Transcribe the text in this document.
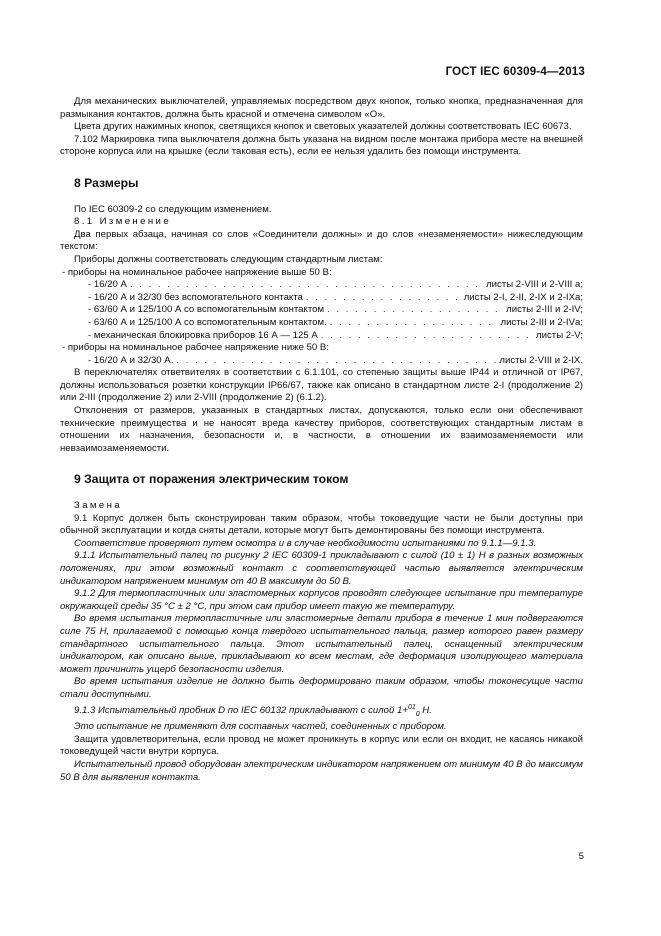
ГОСТ IEC 60309-4—2013

Для механических выключателей, управляемых посредством двух кнопок, только кнопка, предназначенная для размыкания контактов, должна быть красной и отмечена символом «О».

Цвета других нажимных кнопок, светящихся кнопок и световых указателей должны соответствовать IEC 60673.

7.102 Маркировка типа выключателя должна быть указана на видном после монтажа прибора месте на внешней стороне корпуса или на крышке (если таковая есть), если ее нельзя удалить без помощи инструмента.

8 Размеры

По IEC 60309-2 со следующим изменением.

8.1 Изменение

Два первых абзаца, начиная со слов «Соединители должны» и до слов «незаменяемости» нижеследующим текстом:

Приборы должны соответствовать следующим стандартным листам:

- приборы на номинальное рабочее напряжение выше 50 В:
- 16/20 А . . .	листы 2-VIII и 2-VIII а;
- 16/20 А и 32/30 без вспомогательного контакта . . .	листы 2-I, 2-II, 2-IX и 2-IXа;
- 63/60 А и 125/100 А со вспомогательным контактом . . .	листы 2-III и 2-IV;
- 63/60 А и 125/100 А со вспомогательным контактом. . . .	листы 2-III и 2-IVа;
- механическая блокировка приборов 16 А — 125 А . . .	листы 2-V;
- приборы на номинальное рабочее напряжение ниже 50 В:
- 16/20 А и 32/30 А. . . .	листы 2-VIII и 2-IX.

В переключателях ответвителях в соответствии с 6.1.101, со степенью защиты выше IP44 и отличной от IP67, должны использоваться розетки конструкции IP66/67, также как описано в стандартном листе 2-I (продолжение 2) или 2-III (продолжение 2) или 2-VIII (продолжение 2) (6.1.2).

Отклонения от размеров, указанных в стандартных листах, допускаются, только если они обеспечивают технические преимущества и не наносят вреда качеству приборов, соответствующих стандартным листам в отношении их назначения, безопасности и, в частности, в отношении их взаимозаменяемости или невзаимозаменяемости.

9 Защита от поражения электрическим током

Замена

9.1 Корпус должен быть сконструирован таким образом, чтобы токоведущие части не были доступны при обычной эксплуатации и когда сняты детали, которые могут быть демонтированы без помощи инструмента.

Соответствие проверяют путем осмотра и в случае необходимости испытаниями по 9.1.1—9.1.3.

9.1.1 Испытательный палец по рисунку 2 IEC 60309-1 прикладывают с силой (10 ± 1) Н в разных возможных положениях, при этом возможный контакт с соответствующей частью выявляется электрическим индикатором напряжением минимум от 40 В максимум до 50 В.

9.1.2 Для термопластичных или эластомерных корпусов проводят следующее испытание при температуре окружающей среды 35 °С ± 2 °С, при этом сам прибор имеет такую же температуру.

Во время испытания термопластичные или эластомерные детали прибора в течение 1 мин подвергаются силе 75 Н, прилагаемой с помощью конца твердого испытательного пальца, размер которого равен размеру стандартного испытательного пальца. Этот испытательный палец, оснащенный электрическим индикатором, как описано выше, прикладывают ко всем местам, где деформация изолирующего материала может причинить ущерб безопасности изделия.

Во время испытания изделие не должно быть деформировано таким образом, чтобы токонесущие части стали доступными.

9.1.3 Испытательный пробник D по IEC 60132 прикладывают с силой 1+$^{01}_0$ Н.

Это испытание не применяют для составных частей, соединенных с прибором.

Защита удовлетворительна, если провод не может проникнуть в корпус или если он входит, не касаясь никакой токоведущей части внутри корпуса.

Испытательный провод оборудован электрическим индикатором напряжением от минимум 40 В до максимум 50 В для выявления контакта.

5
